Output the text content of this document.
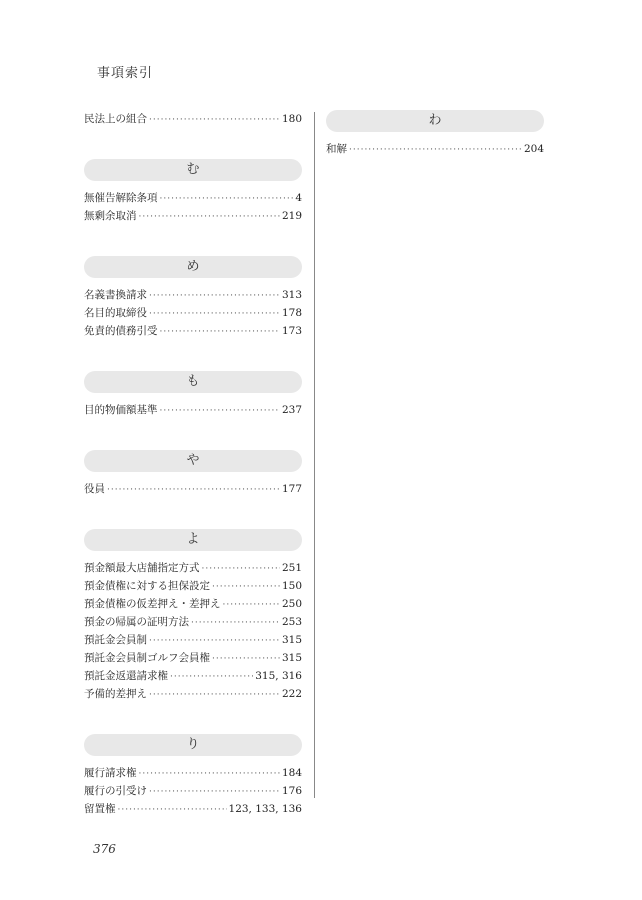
事項索引
民法上の組合 ·····	180
む
無催告解除条項 ·····	4
無剰余取消 ·····	219
め
名義書換請求 ·····	313
名目的取締役 ·····	178
免責的債務引受 ·····	173
も
目的物価額基準 ·····	237
や
役員 ·····	177
よ
預金額最大店舗指定方式 ·····	251
預金債権に対する担保設定 ·····	150
預金債権の仮差押え・差押え ·····	250
預金の帰属の証明方法 ·····	253
預託金会員制 ·····	315
預託金会員制ゴルフ会員権 ·····	315
預託金返還請求権 ·····	315, 316
予備的差押え ·····	222
り
履行請求権 ·····	184
履行の引受け ·····	176
留置権 ·····	123, 133, 136
わ
和解 ·····	204
376
